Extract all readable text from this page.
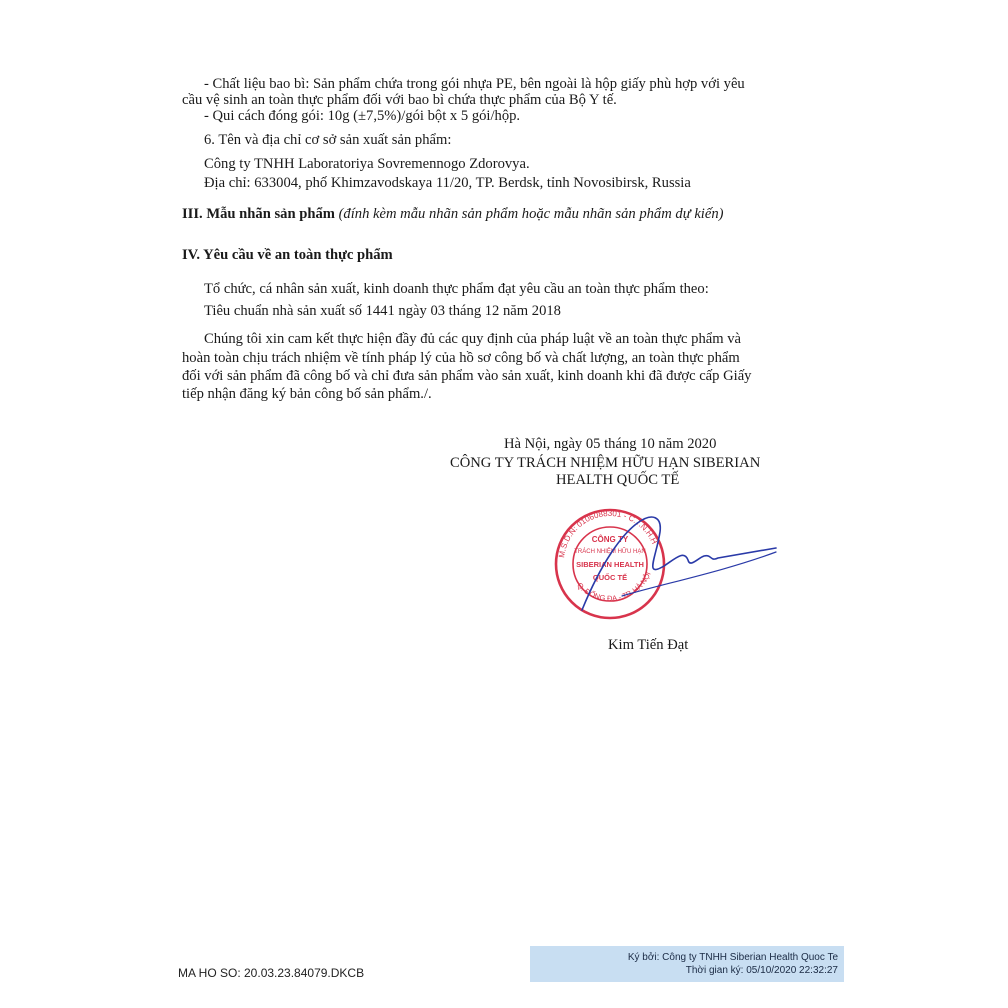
- Chất liệu bao bì: Sản phẩm chứa trong gói nhựa PE, bên ngoài là hộp giấy phù hợp với yêu

cầu vệ sinh an toàn thực phẩm đối với bao bì chứa thực phẩm của Bộ Y tế.

- Qui cách đóng gói: 10g (±7,5%)/gói bột x 5 gói/hộp.

6. Tên và địa chỉ cơ sở sản xuất sản phẩm:

Công ty TNHH Laboratoriya Sovremennogo Zdorovya.

Địa chỉ: 633004, phố Khimzavodskaya 11/20, TP. Berdsk, tỉnh Novosibirsk, Russia

III. Mẫu nhãn sản phẩm (đính kèm mẫu nhãn sản phẩm hoặc mẫu nhãn sản phẩm dự kiến)

IV. Yêu cầu về an toàn thực phẩm

Tổ chức, cá nhân sản xuất, kinh doanh thực phẩm đạt yêu cầu an toàn thực phẩm theo:

Tiêu chuẩn nhà sản xuất số 1441 ngày 03 tháng 12 năm 2018

Chúng tôi xin cam kết thực hiện đầy đủ các quy định của pháp luật về an toàn thực phẩm và

hoàn toàn chịu trách nhiệm về tính pháp lý của hồ sơ công bố và chất lượng, an toàn thực phẩm

đối với sản phẩm đã công bố và chỉ đưa sản phẩm vào sản xuất, kinh doanh khi đã được cấp Giấy

tiếp nhận đăng ký bản công bố sản phẩm./.

Hà Nội, ngày 05 tháng 10 năm 2020

CÔNG TY TRÁCH NHIỆM HỮU HẠN SIBERIAN

HEALTH QUỐC TẾ

M.S.D.N: 0106088301 - C.T.N.H.H
Q. ĐỐNG ĐA - TP. HÀ NỘI
CÔNG TY
TRÁCH NHIỆM HỮU HẠN
SIBERIAN HEALTH
QUỐC TẾ

Kim Tiến Đạt

MA HO SO: 20.03.23.84079.DKCB
Ký bởi: Công ty TNHH Siberian Health Quoc Te
Thời gian ký: 05/10/2020 22:32:27
